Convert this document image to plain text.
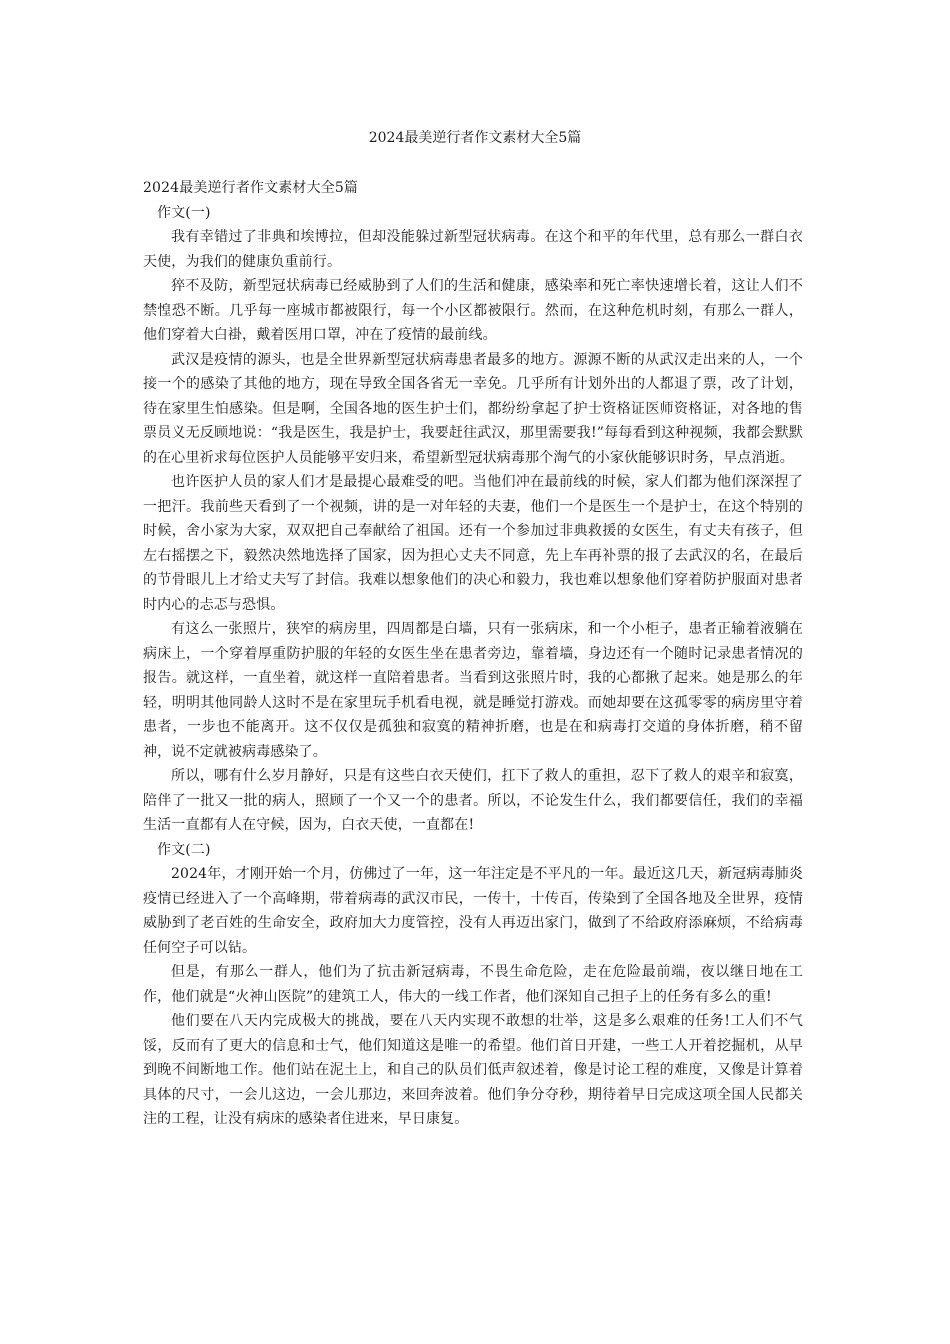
2024最美逆行者作文素材大全5篇
2024最美逆行者作文素材大全5篇
作文(一)

我有幸错过了非典和埃博拉，但却没能躲过新型冠状病毒。在这个和平的年代里，总有那么一群白衣天使，为我们的健康负重前行。

猝不及防，新型冠状病毒已经威胁到了人们的生活和健康，感染率和死亡率快速增长着，这让人们不禁惶恐不断。几乎每一座城市都被限行，每一个小区都被限行。然而，在这种危机时刻，有那么一群人，他们穿着大白褂，戴着医用口罩，冲在了疫情的最前线。

武汉是疫情的源头，也是全世界新型冠状病毒患者最多的地方。源源不断的从武汉走出来的人，一个接一个的感染了其他的地方，现在导致全国各省无一幸免。几乎所有计划外出的人都退了票，改了计划，待在家里生怕感染。但是啊，全国各地的医生护士们，都纷纷拿起了护士资格证医师资格证，对各地的售票员义无反顾地说：“我是医生，我是护士，我要赶往武汉，那里需要我!”每每看到这种视频，我都会默默的在心里祈求每位医护人员能够平安归来，希望新型冠状病毒那个淘气的小家伙能够识时务，早点消逝。

也许医护人员的家人们才是最提心最难受的吧。当他们冲在最前线的时候，家人们都为他们深深捏了一把汗。我前些天看到了一个视频，讲的是一对年轻的夫妻，他们一个是医生一个是护士，在这个特别的时候，舍小家为大家，双双把自己奉献给了祖国。还有一个参加过非典救援的女医生，有丈夫有孩子，但左右摇摆之下，毅然决然地选择了国家，因为担心丈夫不同意，先上车再补票的报了去武汉的名，在最后的节骨眼儿上才给丈夫写了封信。我难以想象他们的决心和毅力，我也难以想象他们穿着防护服面对患者时内心的忐忑与恐惧。

有这么一张照片，狭窄的病房里，四周都是白墙，只有一张病床，和一个小柜子，患者正输着液躺在病床上，一个穿着厚重防护服的年轻的女医生坐在患者旁边，靠着墙，身边还有一个随时记录患者情况的报告。就这样，一直坐着，就这样一直陪着患者。当看到这张照片时，我的心都揪了起来。她是那么的年轻，明明其他同龄人这时不是在家里玩手机看电视，就是睡觉打游戏。而她却要在这孤零零的病房里守着患者，一步也不能离开。这不仅仅是孤独和寂寞的精神折磨，也是在和病毒打交道的身体折磨，稍不留神，说不定就被病毒感染了。

所以，哪有什么岁月静好，只是有这些白衣天使们，扛下了救人的重担，忍下了救人的艰辛和寂寞，陪伴了一批又一批的病人，照顾了一个又一个的患者。所以，不论发生什么，我们都要信任，我们的幸福生活一直都有人在守候，因为，白衣天使，一直都在!

作文(二)

2024年，才刚开始一个月，仿佛过了一年，这一年注定是不平凡的一年。最近这几天，新冠病毒肺炎疫情已经进入了一个高峰期，带着病毒的武汉市民，一传十，十传百，传染到了全国各地及全世界，疫情威胁到了老百姓的生命安全，政府加大力度管控，没有人再迈出家门，做到了不给政府添麻烦，不给病毒任何空子可以钻。

但是，有那么一群人，他们为了抗击新冠病毒，不畏生命危险，走在危险最前端，夜以继日地在工作，他们就是“火神山医院”的建筑工人，伟大的一线工作者，他们深知自己担子上的任务有多么的重!

他们要在八天内完成极大的挑战，要在八天内实现不敢想的壮举，这是多么艰难的任务!工人们不气馁，反而有了更大的信息和士气，他们知道这是唯一的希望。他们首日开建，一些工人开着挖掘机，从早到晚不间断地工作。他们站在泥土上，和自己的队员们低声叙述着，像是讨论工程的难度，又像是计算着具体的尺寸，一会儿这边，一会儿那边，来回奔波着。他们争分夺秒，期待着早日完成这项全国人民都关注的工程，让没有病床的感染者住进来，早日康复。
